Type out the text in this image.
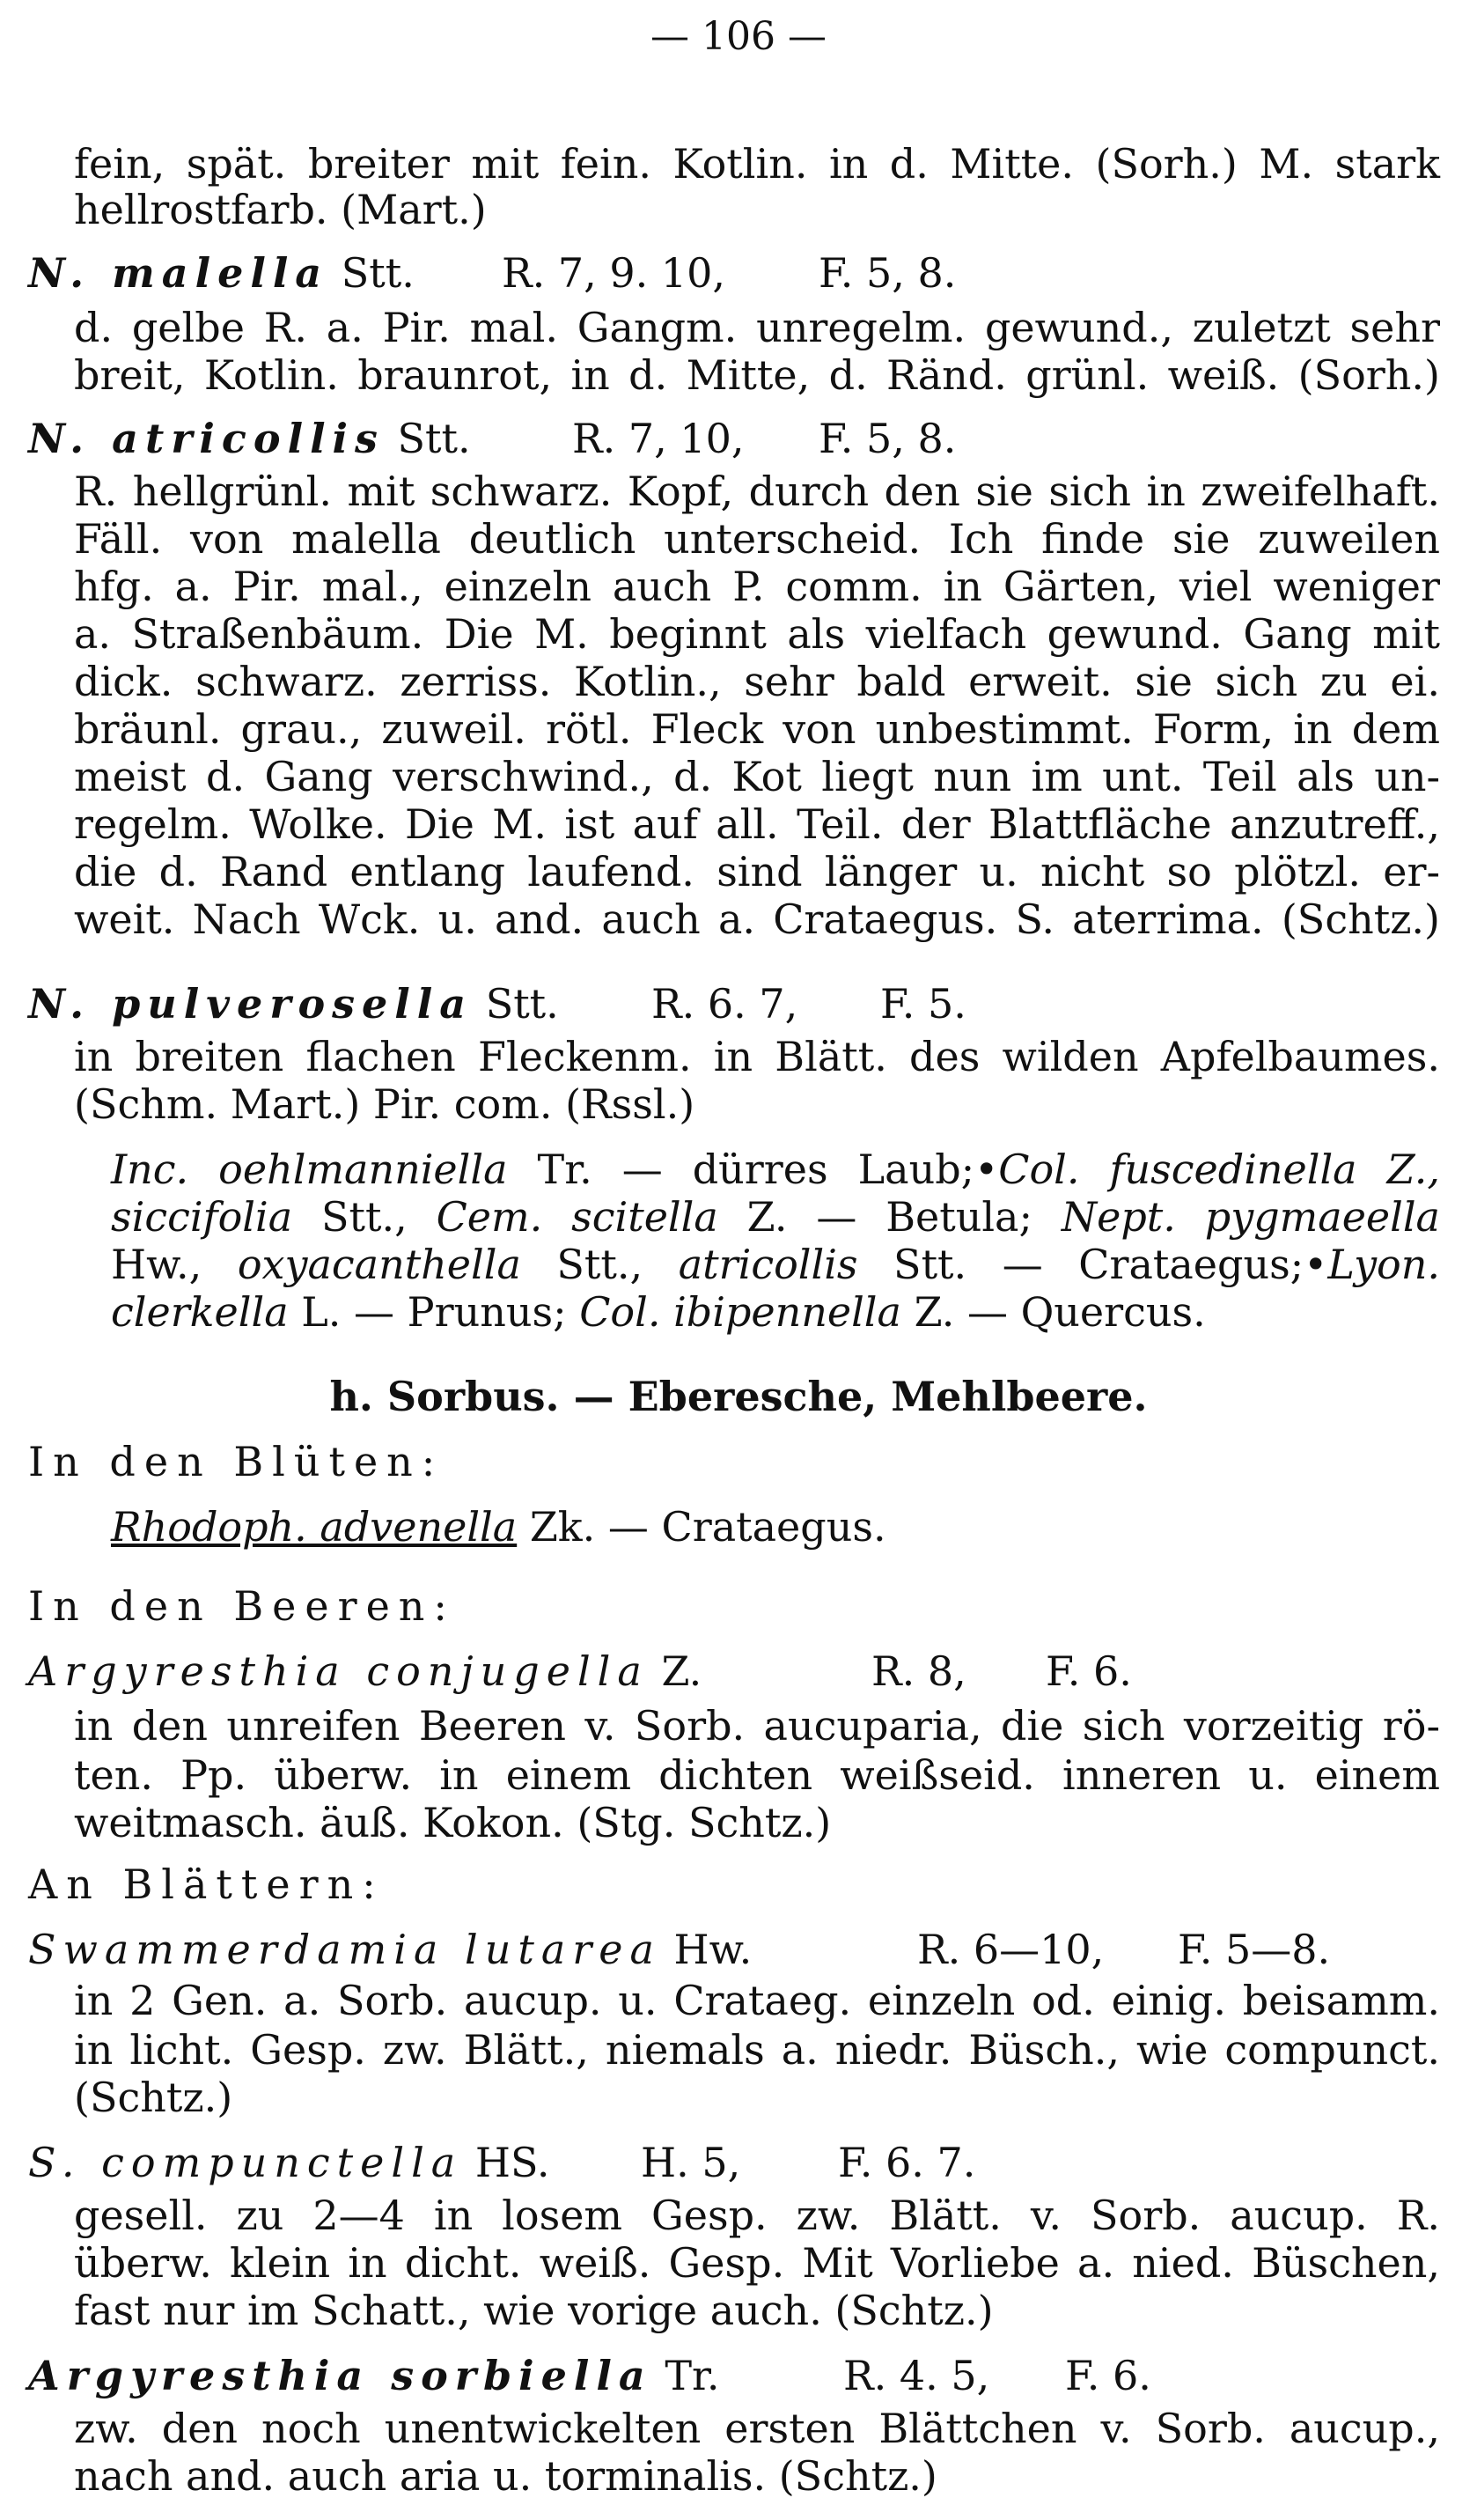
— 106 —
fein, spät. breiter mit fein. Kotlin. in d. Mitte. (Sorh.) M. stark
hellrostfarb. (Mart.)
N. malella Stt. R. 7, 9. 10, F. 5, 8.
d. gelbe R. a. Pir. mal. Gangm. unregelm. gewund., zuletzt sehr
breit, Kotlin. braunrot, in d. Mitte, d. Ränd. grünl. weiß. (Sorh.)
N. atricollis Stt.	R. 7, 10, F. 5, 8.
R. hellgrünl. mit schwarz. Kopf, durch den sie sich in zweifelhaft.
Fäll. von malella deutlich unterscheid. Ich finde sie zuweilen
hfg. a. Pir. mal., einzeln auch P. comm. in Gärten, viel weniger
a. Straßenbäum. Die M. beginnt als vielfach gewund. Gang mit
dick. schwarz. zerriss. Kotlin., sehr bald erweit. sie sich zu ei.
bräunl. grau., zuweil. rötl. Fleck von unbestimmt. Form, in dem
meist d. Gang verschwind., d. Kot liegt nun im unt. Teil als un-
regelm. Wolke. Die M. ist auf all. Teil. der Blattfläche anzutreff.,
die d. Rand entlang laufend. sind länger u. nicht so plötzl. er-
weit. Nach Wck. u. and. auch a. Crataegus. S. aterrima. (Schtz.)
N. pulverosella Stt. R. 6. 7, F. 5.
in breiten flachen Fleckenm. in Blätt. des wilden Apfelbaumes.
(Schm. Mart.) Pir. com. (Rssl.)
Inc. oehlmanniella Tr. — dürres Laub;•Col. fuscedinella Z.,
siccifolia Stt., Cem. scitella Z. — Betula; Nept. pygmaeella
Hw., oxyacanthella Stt., atricollis Stt. — Crataegus;•Lyon.
clerkella L. — Prunus; Col. ibipennella Z. — Quercus.
h. Sorbus. — Eberesche, Mehlbeere.
In den Blüten:
Rhodoph. advenella Zk. — Crataegus.
In den Beeren:
Argyresthia conjugella Z.	R. 8, F. 6.
in den unreifen Beeren v. Sorb. aucuparia, die sich vorzeitig rö-
ten. Pp. überw. in einem dichten weißseid. inneren u. einem
weitmasch. äuß. Kokon. (Stg. Schtz.)
An Blättern:
Swammerdamia lutarea Hw.	R. 6—10, F. 5—8.
in 2 Gen. a. Sorb. aucup. u. Crataeg. einzeln od. einig. beisamm.
in licht. Gesp. zw. Blätt., niemals a. niedr. Büsch., wie compunct.
(Schtz.)
S. compunctella HS. H. 5, F. 6. 7.
gesell. zu 2—4 in losem Gesp. zw. Blätt. v. Sorb. aucup. R.
überw. klein in dicht. weiß. Gesp. Mit Vorliebe a. nied. Büschen,
fast nur im Schatt., wie vorige auch. (Schtz.)
Argyresthia sorbiella Tr.	R. 4. 5, F. 6.
zw. den noch unentwickelten ersten Blättchen v. Sorb. aucup.,
nach and. auch aria u. torminalis. (Schtz.)
